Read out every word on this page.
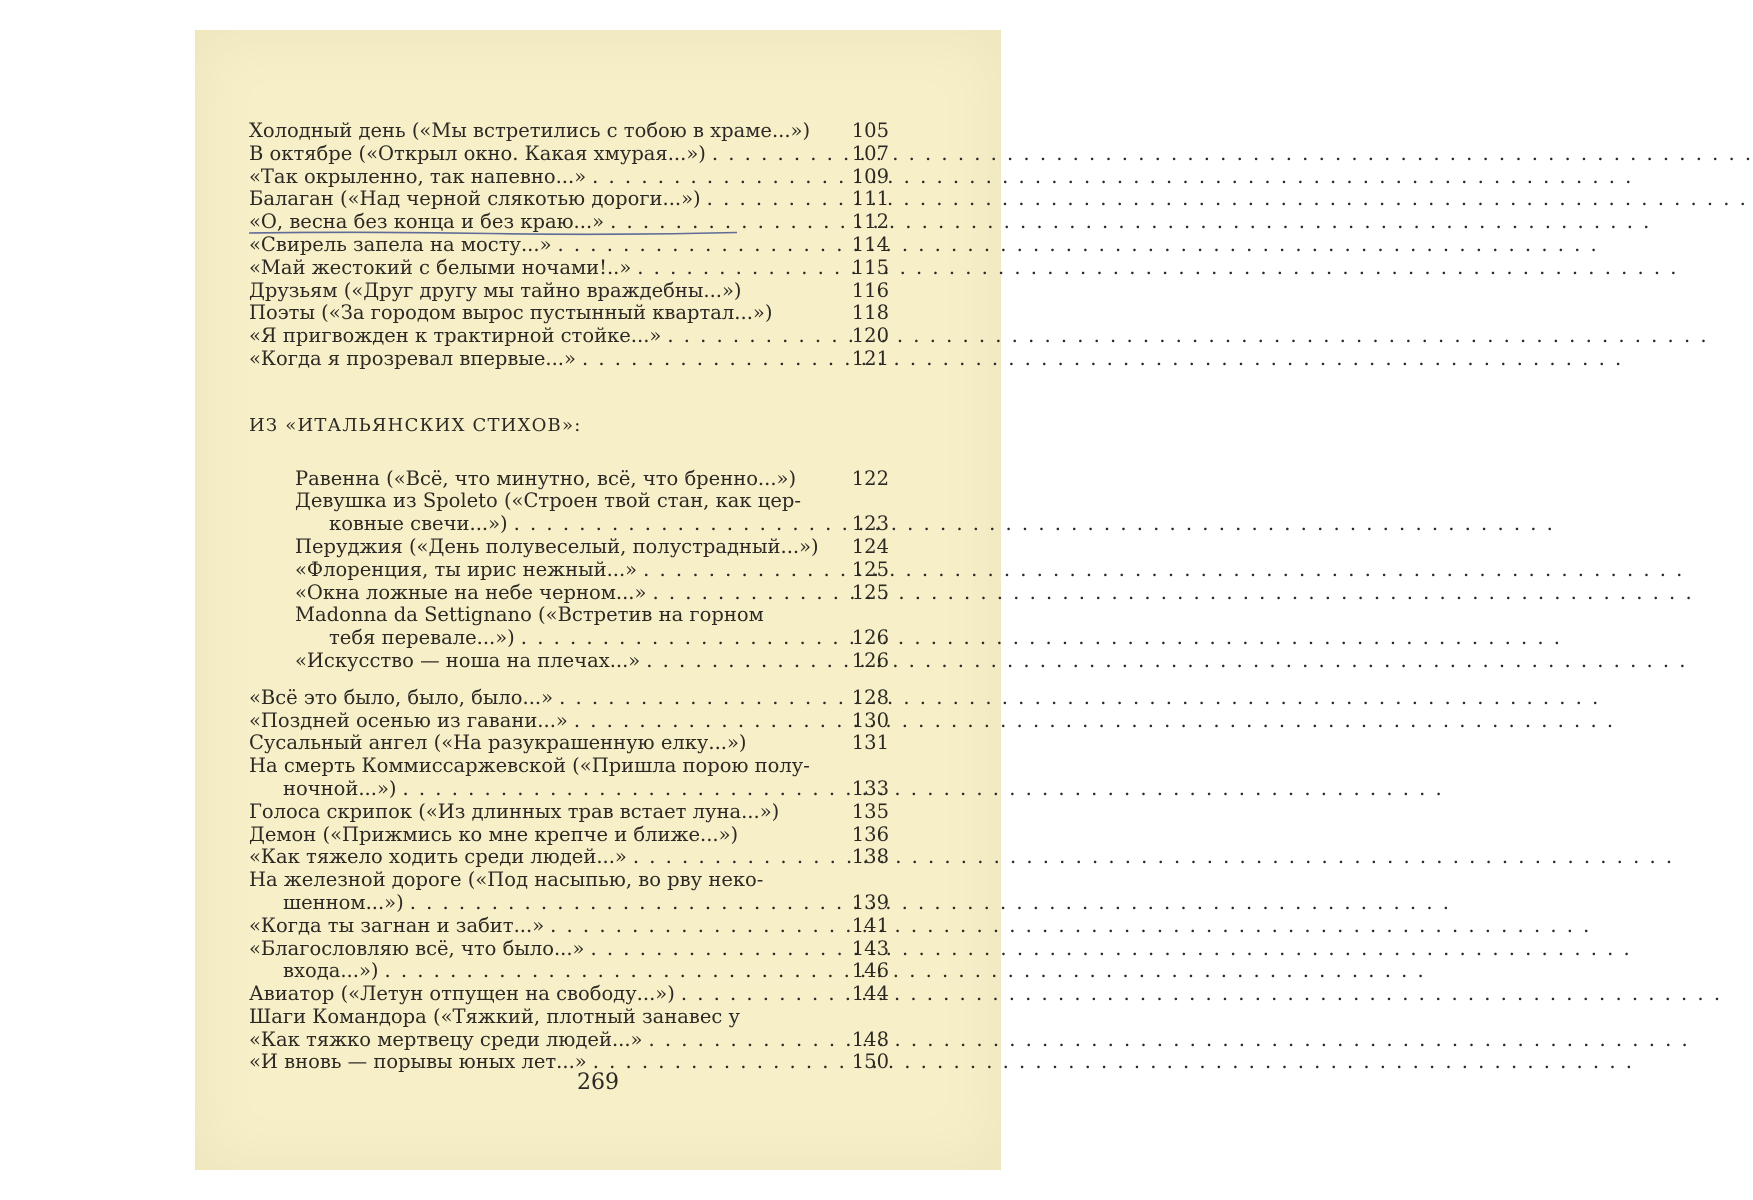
Холодный день («Мы встретились с тобою в храме...»)	105
В октябре («Открыл окно. Какая хмурая...») . . .	107
«Так окрыленно, так напевно...» . . .	109
Балаган («Над черной слякотью дороги...») . . .	111
«О, весна без конца и без краю...» . . .	112
«Свирель запела на мосту...» . . .	114
«Май жестокий с белыми ночами!..» . . .	115
Друзьям («Друг другу мы тайно враждебны...»)	116
Поэты («За городом вырос пустынный квартал...»)	118
«Я пригвожден к трактирной стойке...» . . .	120
«Когда я прозревал впервые...» . . .	121
ИЗ «ИТАЛЬЯНСКИХ СТИХОВ»:
Равенна («Всё, что минутно, всё, что бренно...»)	122
Девушка из Spoleto («Строен твой стан, как цер-
ковные свечи...») . . .	123
Перуджия («День полувеселый, полустрадный...»)	124
«Флоренция, ты ирис нежный...» . . .	125
«Окна ложные на небе черном...» . . .	125
Madonna da Settignano («Встретив на горном
тебя перевале...») . . .	126
«Искусство — ноша на плечах...» . . .	126
«Всё это было, было, было...» . . .	128
«Поздней осенью из гавани...» . . .	130
Сусальный ангел («На разукрашенную елку...»)	131
На смерть Коммиссаржевской («Пришла порою полу-
ночной...») . . .	133
Голоса скрипок («Из длинных трав встает луна...»)	135
Демон («Прижмись ко мне крепче и ближе...»)	136
«Как тяжело ходить среди людей...» . . .	138
На железной дороге («Под насыпью, во рву неко-
шенном...») . . .	139
«Когда ты загнан и забит...» . . .	141
«Благословляю всё, что было...» . . .	143
входа...») . . .	146
Авиатор («Летун отпущен на свободу...») . . .	144
Шаги Командора («Тяжкий, плотный занавес у
«Как тяжко мертвецу среди людей...» . . .	148
«И вновь — порывы юных лет...» . . .	150
269
